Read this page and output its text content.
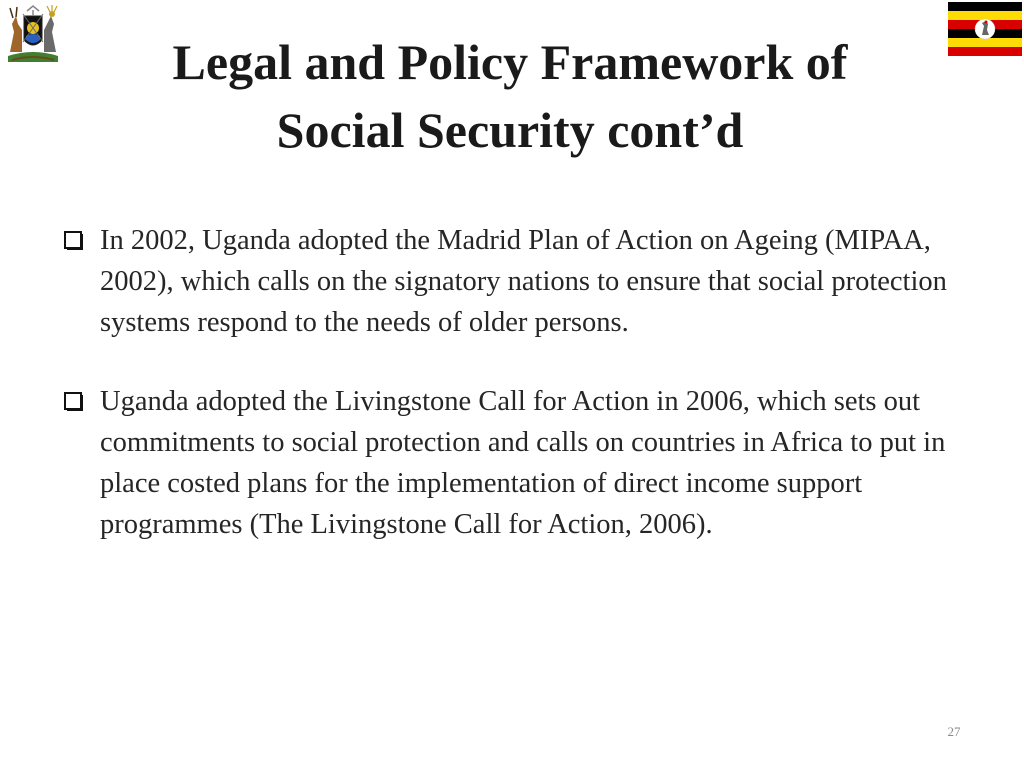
Legal and Policy Framework of
Social Security cont’d
In 2002, Uganda adopted the Madrid Plan of Action on Ageing (MIPAA, 2002), which calls on the signatory nations to ensure that social protection systems respond to the needs of older persons.
Uganda adopted the Livingstone Call for Action in 2006, which sets out commitments to social protection and calls on countries in Africa to put in place costed plans for the implementation of direct income support programmes (The Livingstone Call for Action, 2006).
27
